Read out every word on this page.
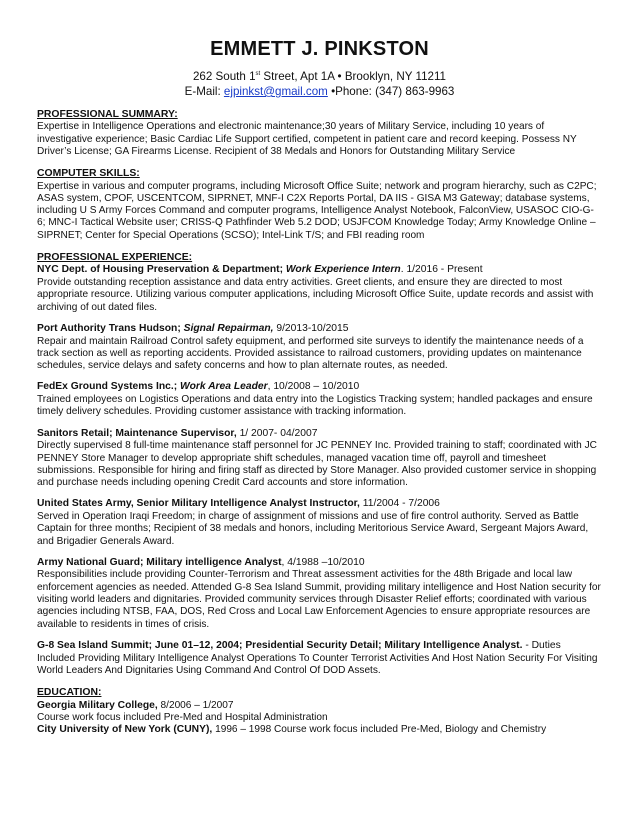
EMMETT J. PINKSTON
262 South 1st Street, Apt 1A • Brooklyn, NY 11211
E-Mail: ejpinkst@gmail.com •Phone: (347) 863-9963
PROFESSIONAL SUMMARY:
Expertise in Intelligence Operations and electronic maintenance;30 years of Military Service, including 10 years of investigative experience; Basic Cardiac Life Support certified, competent in patient care and record keeping. Possess NY Driver’s License; GA Firearms License. Recipient of 38 Medals and Honors for Outstanding Military Service
COMPUTER SKILLS:
Expertise in various and computer programs, including Microsoft Office Suite; network and program hierarchy, such as C2PC; ASAS system, CPOF, USCENTCOM, SIPRNET, MNF-I C2X Reports Portal, DA IIS - GISA M3 Gateway; database systems, including U S Army Forces Command and computer programs, Intelligence Analyst Notebook, FalconView, USASOC CIO-G-6; MNC-I Tactical Website user; CRISS-Q Pathfinder Web 5.2 DOD; USJFCOM Knowledge Today; Army Knowledge Online – SIPRNET; Center for Special Operations (SCSO); Intel-Link T/S; and FBI reading room
PROFESSIONAL EXPERIENCE:
NYC Dept. of Housing Preservation & Department; Work Experience Intern. 1/2016 - Present
Provide outstanding reception assistance and data entry activities. Greet clients, and ensure they are directed to most appropriate resource. Utilizing various computer applications, including Microsoft Office Suite, update records and assist with archiving of out dated files.
Port Authority Trans Hudson; Signal Repairman, 9/2013-10/2015
Repair and maintain Railroad Control safety equipment, and performed site surveys to identify the maintenance needs of a track section as well as reporting accidents. Provided assistance to railroad customers, providing updates on maintenance schedules, service delays and safety concerns and how to plan alternate routes, as needed.
FedEx Ground Systems Inc.; Work Area Leader, 10/2008 – 10/2010
Trained employees on Logistics Operations and data entry into the Logistics Tracking system; handled packages and ensure timely delivery schedules. Providing customer assistance with tracking information.
Sanitors Retail; Maintenance Supervisor, 1/ 2007- 04/2007
Directly supervised 8 full-time maintenance staff personnel for JC PENNEY Inc. Provided training to staff; coordinated with JC PENNEY Store Manager to develop appropriate shift schedules, managed vacation time off, payroll and timesheet submissions. Responsible for hiring and firing staff as directed by Store Manager. Also provided customer service in shopping and purchase needs including opening Credit Card accounts and store information.
United States Army, Senior Military Intelligence Analyst Instructor, 11/2004 - 7/2006
Served in Operation Iraqi Freedom; in charge of assignment of missions and use of fire control authority. Served as Battle Captain for three months; Recipient of 38 medals and honors, including Meritorious Service Award, Sergeant Majors Award, and Brigadier Generals Award.
Army National Guard; Military intelligence Analyst, 4/1988 –10/2010
Responsibilities include providing Counter-Terrorism and Threat assessment activities for the 48th Brigade and local law enforcement agencies as needed. Attended G-8 Sea Island Summit, providing military intelligence and Host Nation security for visiting world leaders and dignitaries. Provided community services through Disaster Relief efforts; coordinated with various agencies including NTSB, FAA, DOS, Red Cross and Local Law Enforcement Agencies to ensure appropriate resources are available to residents in times of crisis.
G-8 Sea Island Summit; June 01–12, 2004; Presidential Security Detail; Military Intelligence Analyst. - Duties
Included Providing Military Intelligence Analyst Operations To Counter Terrorist Activities And Host Nation Security For Visiting World Leaders And Dignitaries Using Command And Control Of DOD Assets.
EDUCATION:
Georgia Military College, 8/2006 – 1/2007
Course work focus included Pre-Med and Hospital Administration
City University of New York (CUNY), 1996 – 1998 Course work focus included Pre-Med, Biology and Chemistry
